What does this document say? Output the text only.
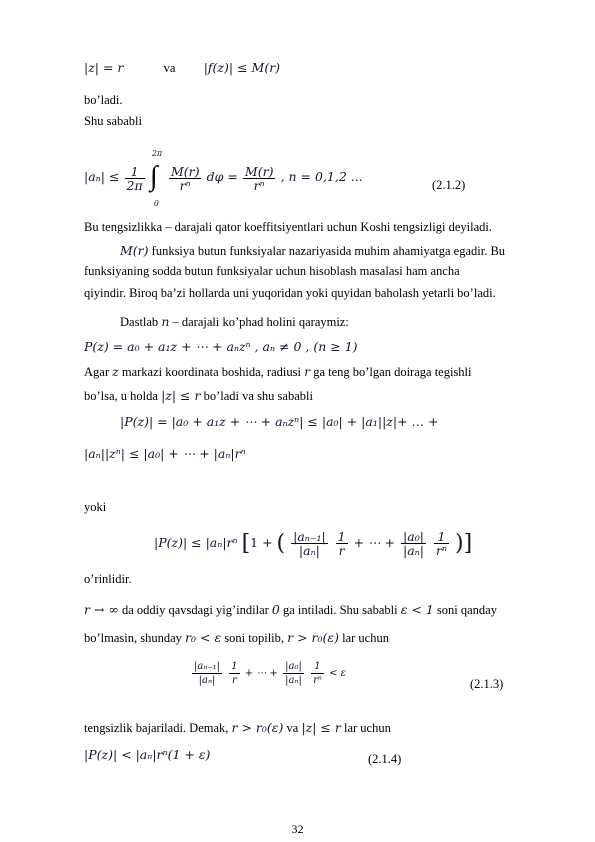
|z| = r	va |f(z)| ≤ M(r)
bo’ladi.
Shu sababli
$|a_n| \le \frac{1}{2\pi}$

2π
∫
0

$\frac{M(r)}{\text{rⁿ}}$ $d\varphi = \frac{M(r)}{\text{rⁿ}}$ , n = 0,1,2 ...
(2.1.2)
Bu tengsizlikka – darajali qator koeffitsiyentlari uchun Koshi tengsizligi deyiladi.
M(r) funksiya butun funksiyalar nazariyasida muhim ahamiyatga egadir. Bu
funksiyaning sodda butun funksiyalar uchun hisoblash masalasi ham ancha
qiyindir. Biroq ba’zi hollarda uni yuqoridan yoki quyidan baholash yetarli bo’ladi.
Dastlab n – darajali ko’phad holini qaraymiz:
P(z) = a₀ + a₁z + ⋯ + aₙzⁿ , aₙ ≠ 0 , (n ≥ 1)
Agar z markazi koordinata boshida, radiusi r ga teng bo’lgan doiraga tegishli
bo’lsa, u holda |z| ≤ r bo’ladi va shu sababli
|P(z)| = |a₀ + a₁z + ⋯ + aₙzⁿ| ≤ |a₀| + |a₁||z|+ … +
|aₙ||zⁿ| ≤ |a₀| + ⋯ + |aₙ|rⁿ
yoki
|P(z)| ≤ |aₙ|rⁿ [1 + ( $\frac{\text{|aₙ₋₁|}}{\text{|aₙ|}}$
$\frac{1}{r}$ + ⋯ + $\frac{\text{|a₀|}}{\text{|aₙ|}}$
$\frac{1}{\text{rⁿ}}$ )]
o’rinlidir.
r → ∞ da oddiy qavsdagi yig’indilar 0 ga intiladi. Shu sababli ε < 1 soni qanday
bo’lmasin, shunday r₀ < ε soni topilib, r > r₀(ε) lar uchun
$\frac{\text{|aₙ₋₁|}}{\text{|aₙ|}}$
$\frac{1}{r}$ + ⋯ + $\frac{\text{|a₀|}}{\text{|aₙ|}}$
$\frac{1}{\text{rⁿ}} < \varepsilon$
(2.1.3)
tengsizlik bajariladi. Demak, r > r₀(ε) va |z| ≤ r lar uchun
|P(z)| < |aₙ|rⁿ(1 + ε)	(2.1.4)
32
